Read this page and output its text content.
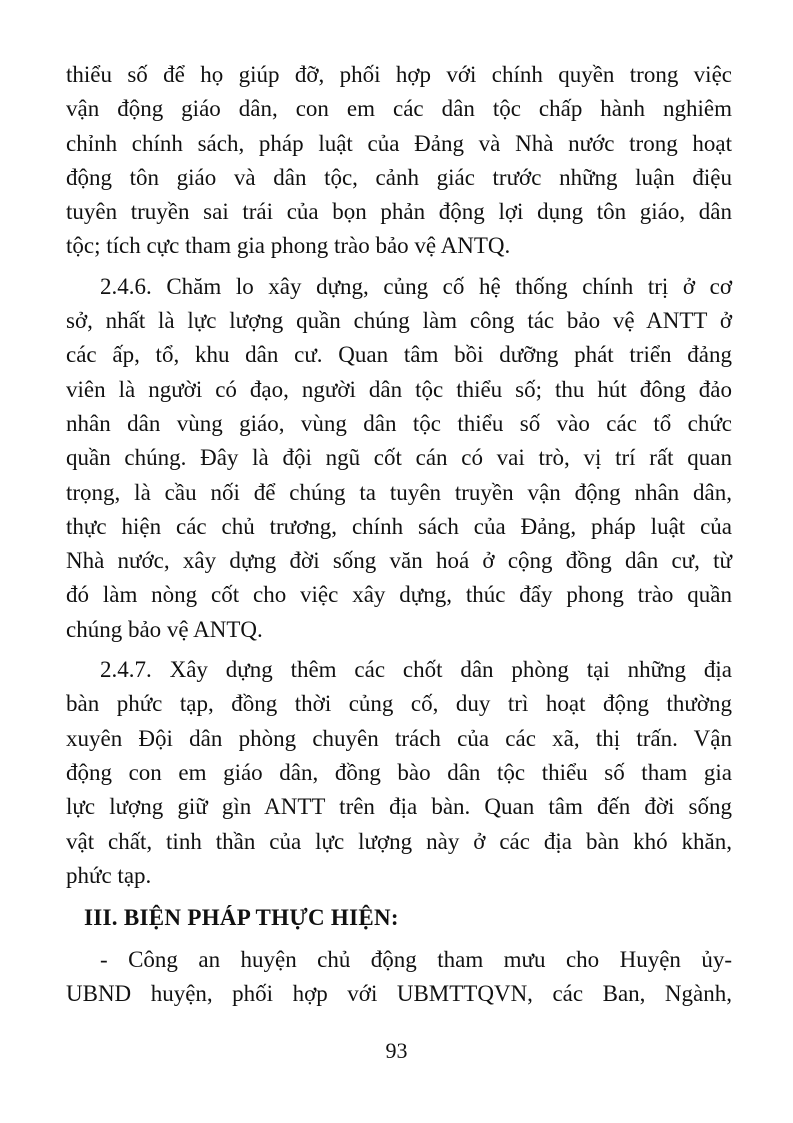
thiểu số để họ giúp đỡ, phối hợp với chính quyền trong việc
vận động giáo dân, con em các dân tộc chấp hành nghiêm
chỉnh chính sách, pháp luật của Đảng và Nhà nước trong hoạt
động tôn giáo và dân tộc, cảnh giác trước những luận điệu
tuyên truyền sai trái của bọn phản động lợi dụng tôn giáo, dân
tộc; tích cực tham gia phong trào bảo vệ ANTQ.

2.4.6. Chăm lo xây dựng, củng cố hệ thống chính trị ở cơ
sở, nhất là lực lượng quần chúng làm công tác bảo vệ ANTT ở
các ấp, tổ, khu dân cư. Quan tâm bồi dưỡng phát triển đảng
viên là người có đạo, người dân tộc thiểu số; thu hút đông đảo
nhân dân vùng giáo, vùng dân tộc thiểu số vào các tổ chức
quần chúng. Đây là đội ngũ cốt cán có vai trò, vị trí rất quan
trọng, là cầu nối để chúng ta tuyên truyền vận động nhân dân,
thực hiện các chủ trương, chính sách của Đảng, pháp luật của
Nhà nước, xây dựng đời sống văn hoá ở cộng đồng dân cư, từ
đó làm nòng cốt cho việc xây dựng, thúc đẩy phong trào quần
chúng bảo vệ ANTQ.

2.4.7. Xây dựng thêm các chốt dân phòng tại những địa
bàn phức tạp, đồng thời củng cố, duy trì hoạt động thường
xuyên Đội dân phòng chuyên trách của các xã, thị trấn. Vận
động con em giáo dân, đồng bào dân tộc thiểu số tham gia
lực lượng giữ gìn ANTT trên địa bàn. Quan tâm đến đời sống
vật chất, tinh thần của lực lượng này ở các địa bàn khó khăn,
phức tạp.

III. BIỆN PHÁP THỰC HIỆN:

- Công an huyện chủ động tham mưu cho Huyện ủy-
UBND huyện, phối hợp với UBMTTQVN, các Ban, Ngành,

93
